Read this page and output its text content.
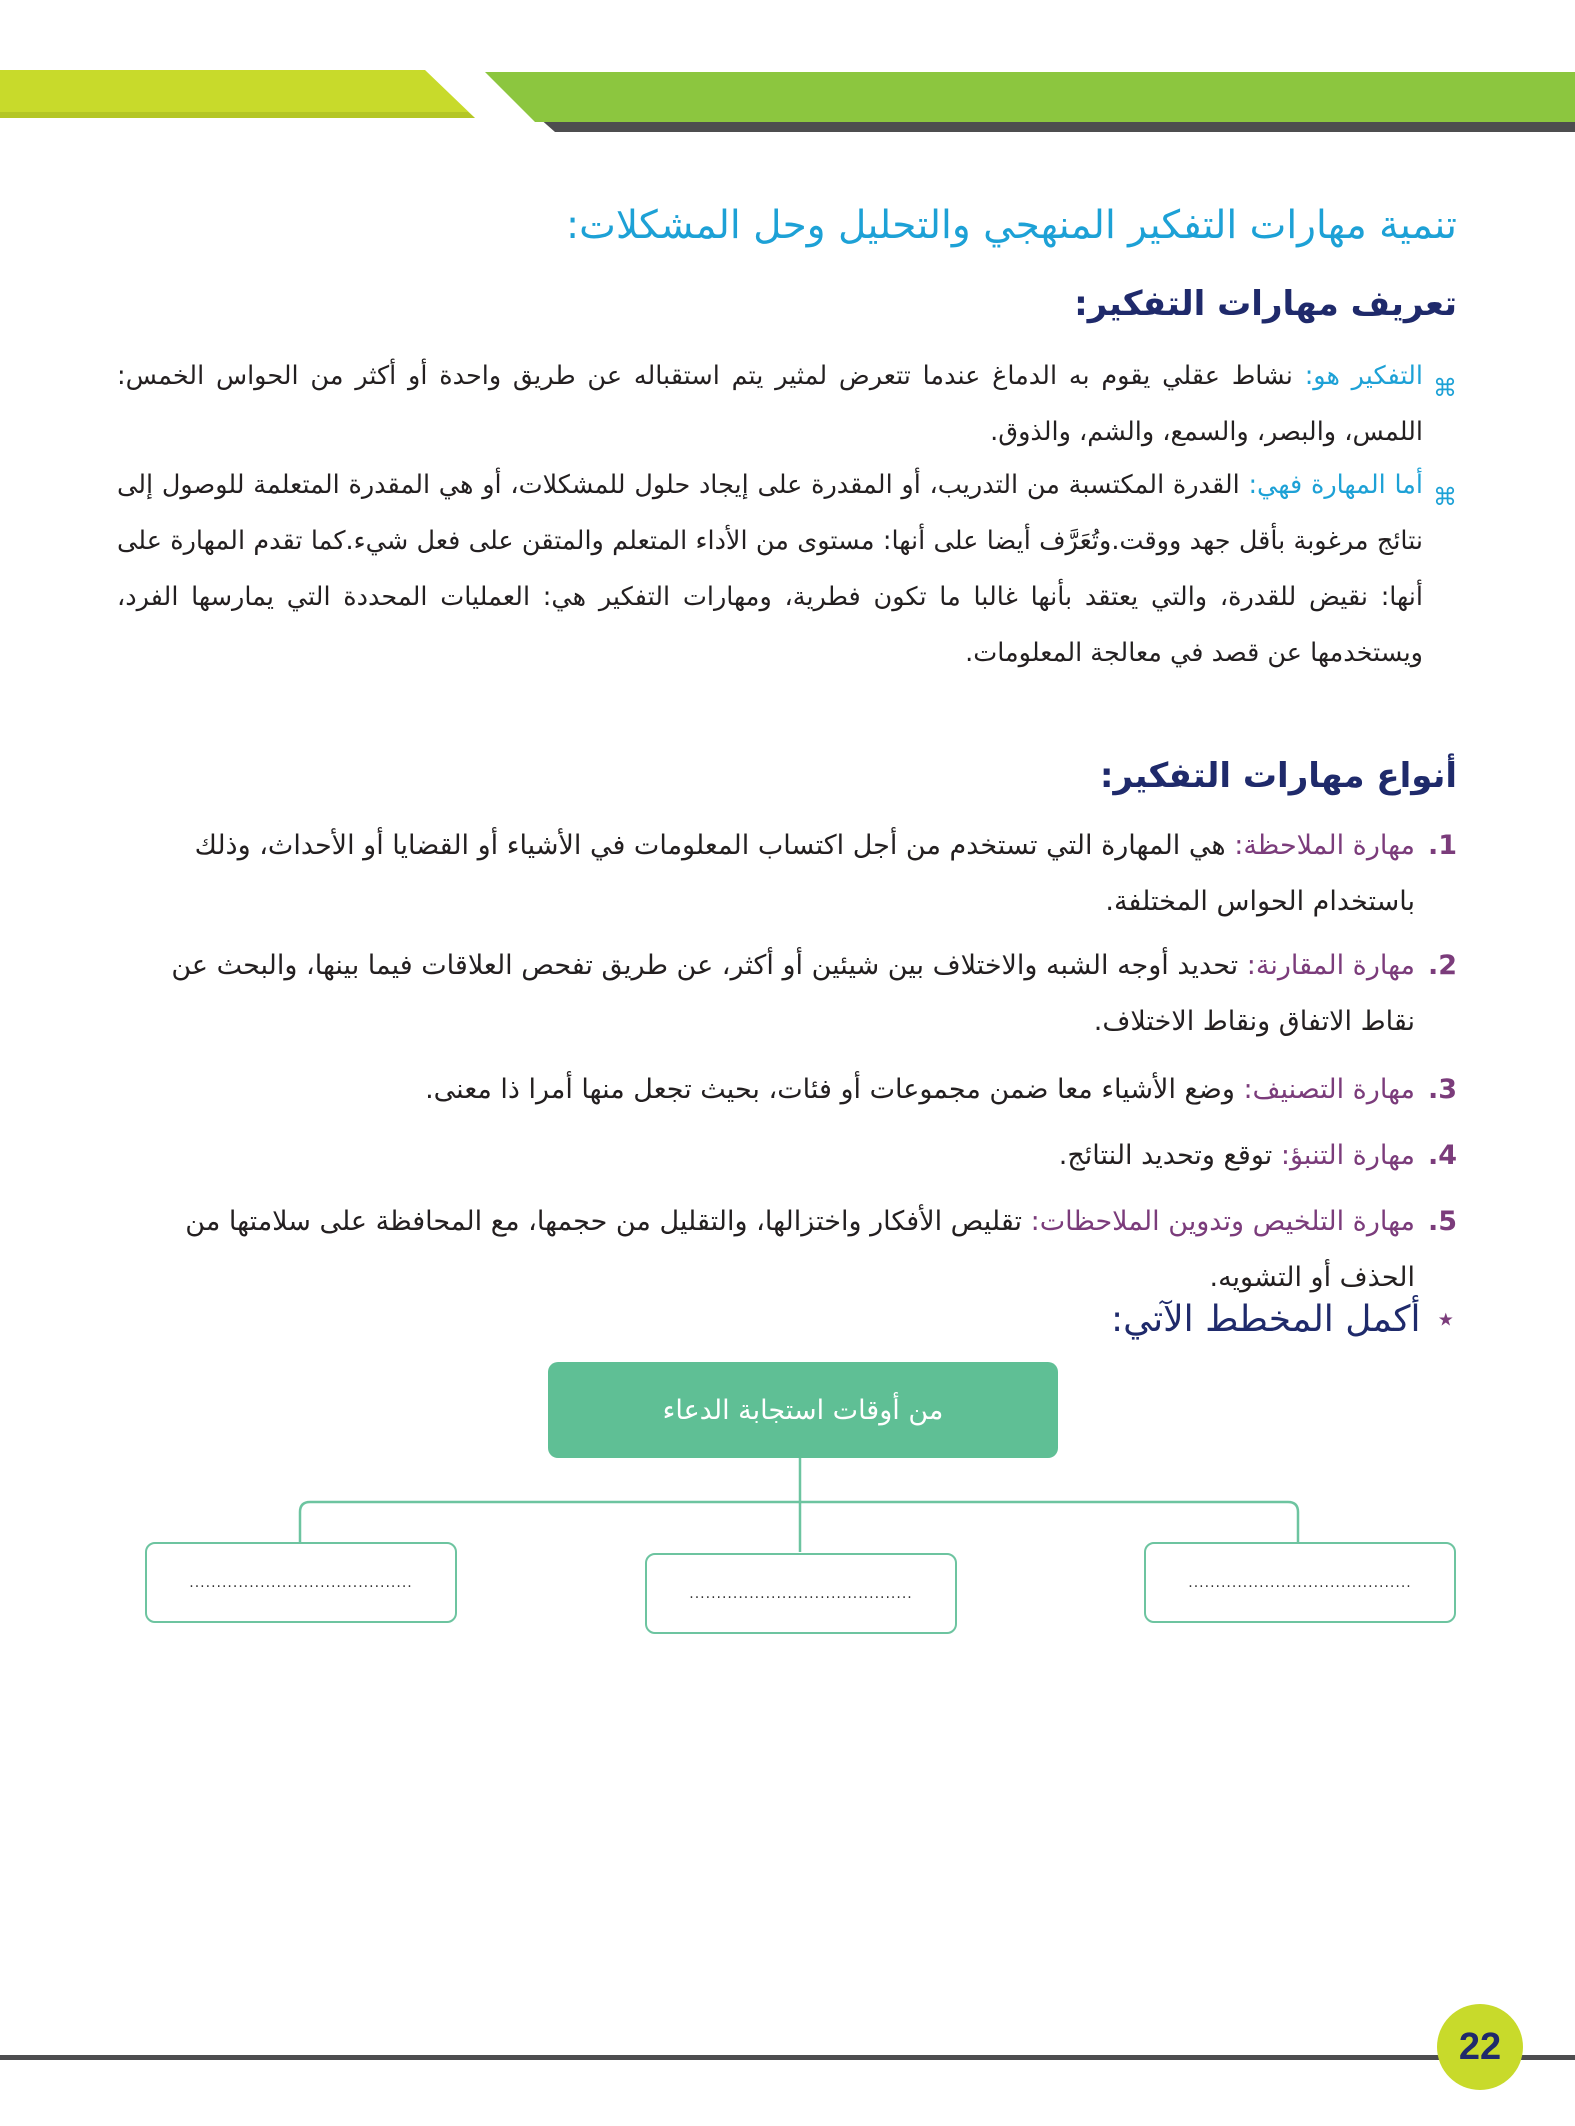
تنمية مهارات التفكير المنهجي والتحليل وحل المشكلات:
تعريف مهارات التفكير:
⌘
التفكير هو: نشاط عقلي يقوم به الدماغ عندما تتعرض لمثير يتم استقباله عن طريق واحدة أو أكثر من الحواس الخمس: اللمس، والبصر، والسمع، والشم، والذوق.
⌘
أما المهارة فهي: القدرة المكتسبة من التدريب، أو المقدرة على إيجاد حلول للمشكلات، أو هي المقدرة المتعلمة للوصول إلى نتائج مرغوبة بأقل جهد ووقت.وتُعَرَّف أيضا على أنها: مستوى من الأداء المتعلم والمتقن على فعل شيء.كما تقدم المهارة على أنها: نقيض للقدرة، والتي يعتقد بأنها غالبا ما تكون فطرية، ومهارات التفكير هي: العمليات المحددة التي يمارسها الفرد، ويستخدمها عن قصد في معالجة المعلومات.
أنواع مهارات التفكير:
1.
مهارة الملاحظة: هي المهارة التي تستخدم من أجل اكتساب المعلومات في الأشياء أو القضايا أو الأحداث، وذلك باستخدام الحواس المختلفة.
2.
مهارة المقارنة: تحديد أوجه الشبه والاختلاف بين شيئين أو أكثر، عن طريق تفحص العلاقات فيما بينها، والبحث عن نقاط الاتفاق ونقاط الاختلاف.
3.
مهارة التصنيف: وضع الأشياء معا ضمن مجموعات أو فئات، بحيث تجعل منها أمرا ذا معنى.
4.
مهارة التنبؤ: توقع وتحديد النتائج.
5.
مهارة التلخيص وتدوين الملاحظات: تقليص الأفكار واختزالها، والتقليل من حجمها، مع المحافظة على سلامتها من الحذف أو التشويه.
⋆أكمل المخطط الآتي:
من أوقات استجابة الدعاء
.........................................
.........................................
.........................................
22
